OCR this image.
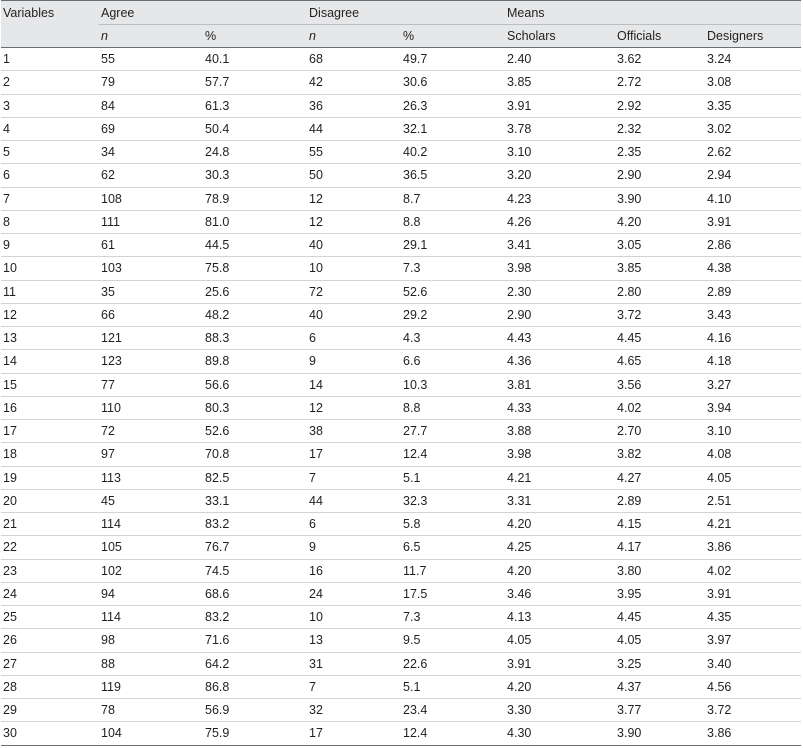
Variables	Agree		Disagree		Means		
	n	%	n	%	Scholars	Officials	Designers
1	55	40.1	68	49.7	2.40	3.62	3.24
2	79	57.7	42	30.6	3.85	2.72	3.08
3	84	61.3	36	26.3	3.91	2.92	3.35
4	69	50.4	44	32.1	3.78	2.32	3.02
5	34	24.8	55	40.2	3.10	2.35	2.62
6	62	30.3	50	36.5	3.20	2.90	2.94
7	108	78.9	12	8.7	4.23	3.90	4.10
8	111	81.0	12	8.8	4.26	4.20	3.91
9	61	44.5	40	29.1	3.41	3.05	2.86
10	103	75.8	10	7.3	3.98	3.85	4.38
11	35	25.6	72	52.6	2.30	2.80	2.89
12	66	48.2	40	29.2	2.90	3.72	3.43
13	121	88.3	6	4.3	4.43	4.45	4.16
14	123	89.8	9	6.6	4.36	4.65	4.18
15	77	56.6	14	10.3	3.81	3.56	3.27
16	110	80.3	12	8.8	4.33	4.02	3.94
17	72	52.6	38	27.7	3.88	2.70	3.10
18	97	70.8	17	12.4	3.98	3.82	4.08
19	113	82.5	7	5.1	4.21	4.27	4.05
20	45	33.1	44	32.3	3.31	2.89	2.51
21	114	83.2	6	5.8	4.20	4.15	4.21
22	105	76.7	9	6.5	4.25	4.17	3.86
23	102	74.5	16	11.7	4.20	3.80	4.02
24	94	68.6	24	17.5	3.46	3.95	3.91
25	114	83.2	10	7.3	4.13	4.45	4.35
26	98	71.6	13	9.5	4.05	4.05	3.97
27	88	64.2	31	22.6	3.91	3.25	3.40
28	119	86.8	7	5.1	4.20	4.37	4.56
29	78	56.9	32	23.4	3.30	3.77	3.72
30	104	75.9	17	12.4	4.30	3.90	3.86
